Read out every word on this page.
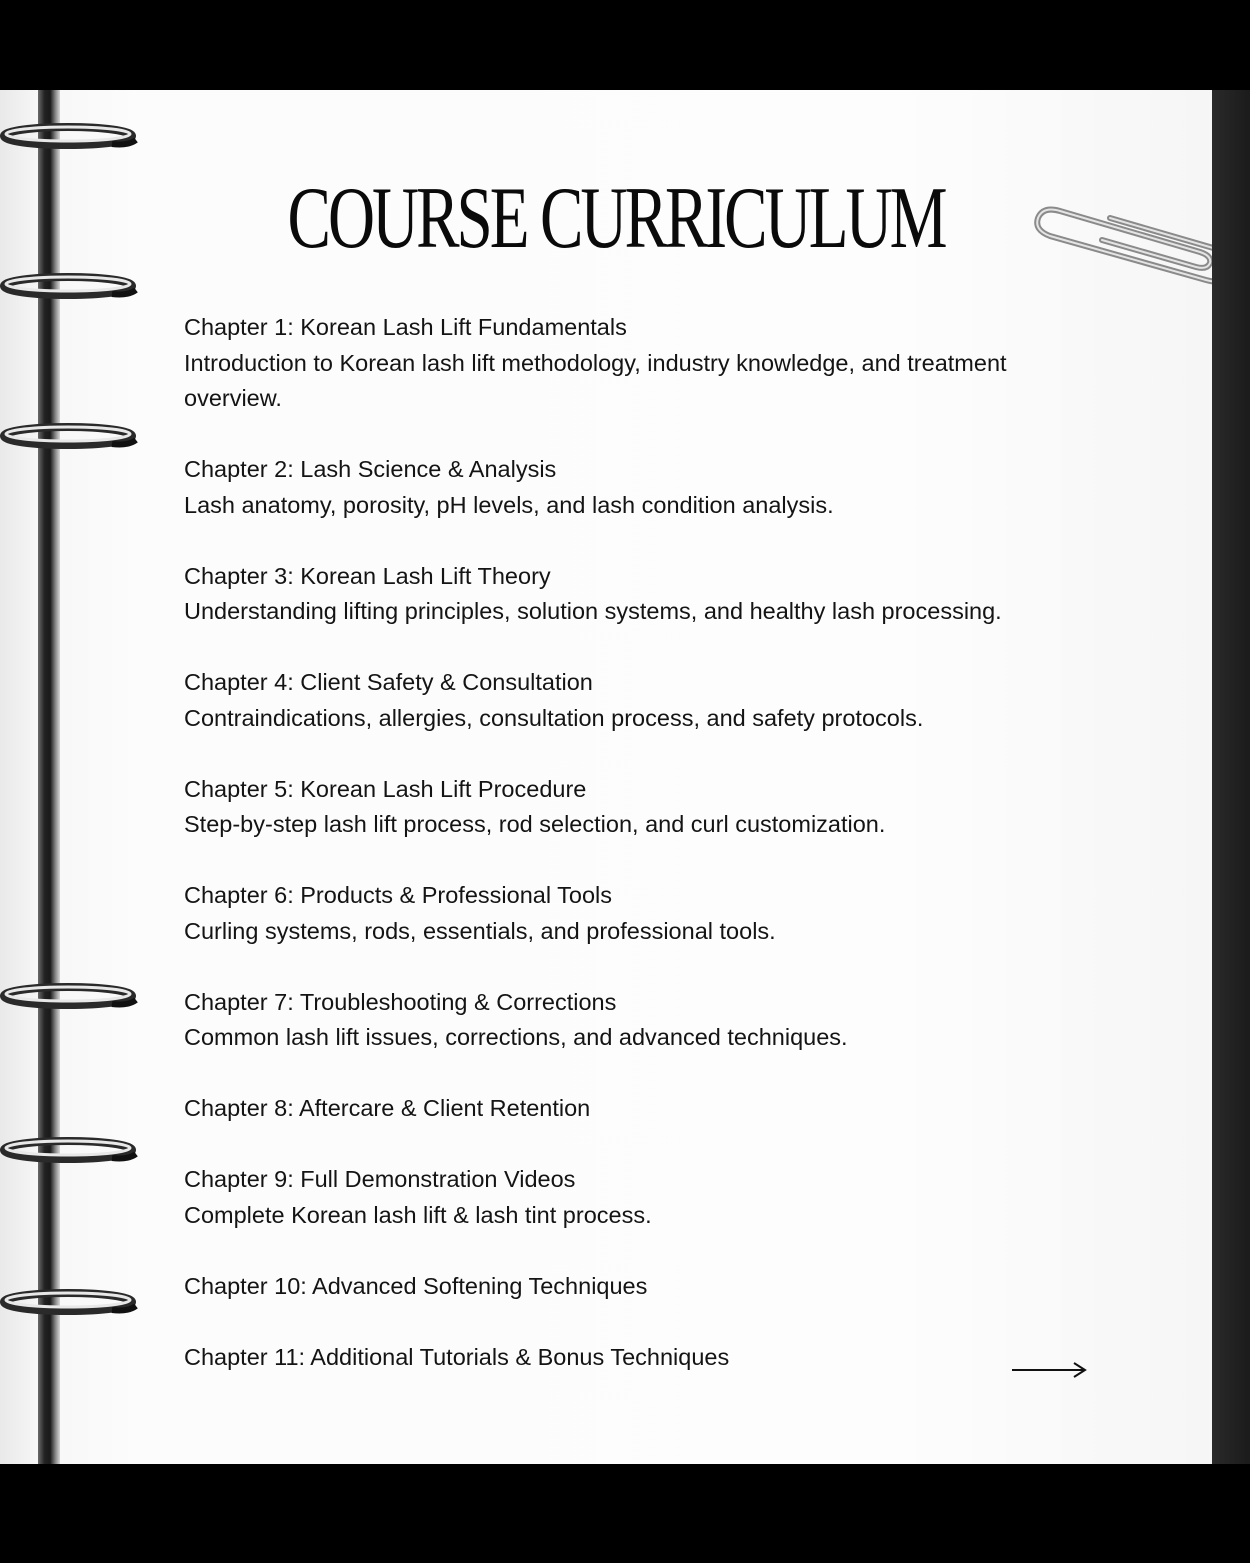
COURSE CURRICULUM
Chapter 1: Korean Lash Lift Fundamentals
Introduction to Korean lash lift methodology, industry knowledge, and treatment overview.
Chapter 2: Lash Science & Analysis
Lash anatomy, porosity, pH levels, and lash condition analysis.
Chapter 3: Korean Lash Lift Theory
Understanding lifting principles, solution systems, and healthy lash processing.
Chapter 4: Client Safety & Consultation
Contraindications, allergies, consultation process, and safety protocols.
Chapter 5: Korean Lash Lift Procedure
Step-by-step lash lift process, rod selection, and curl customization.
Chapter 6: Products & Professional Tools
Curling systems, rods, essentials, and professional tools.
Chapter 7: Troubleshooting & Corrections
Common lash lift issues, corrections, and advanced techniques.
Chapter 8: Aftercare & Client Retention
Chapter 9: Full Demonstration Videos
Complete Korean lash lift & lash tint process.
Chapter 10: Advanced Softening Techniques
Chapter 11: Additional Tutorials & Bonus Techniques
